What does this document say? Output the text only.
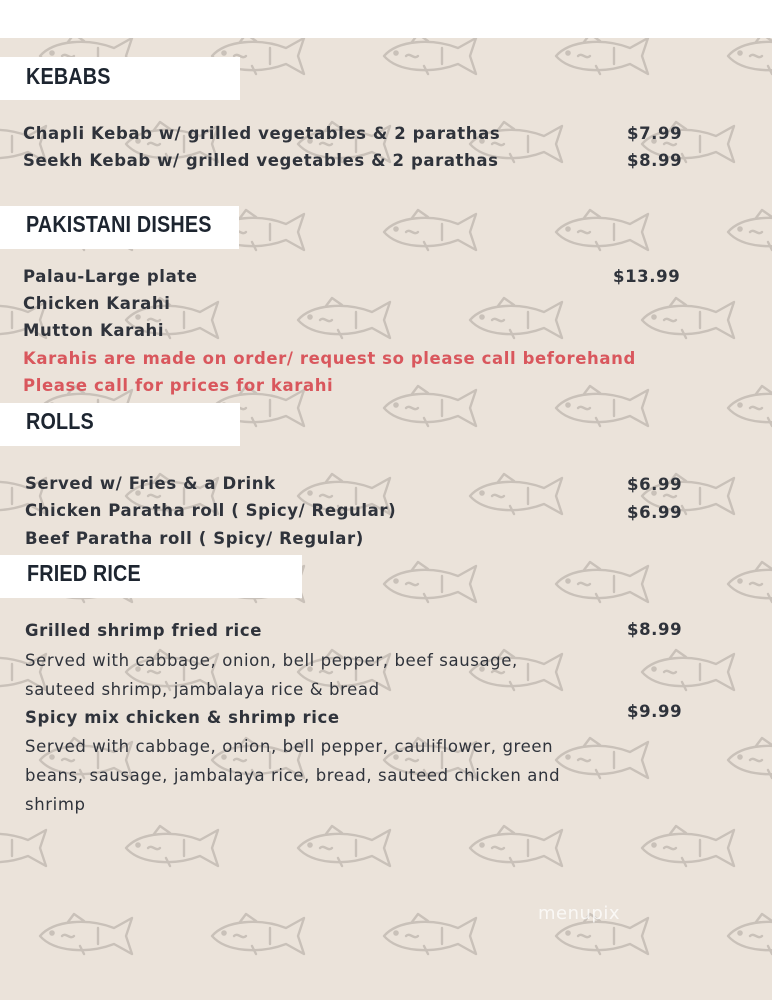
KEBABS
Chapli Kebab w/ grilled vegetables & 2 parathas	$7.99
Seekh Kebab w/ grilled vegetables & 2 parathas	$8.99
PAKISTANI DISHES
Palau-Large plate	$13.99
Chicken Karahi
Mutton Karahi
Karahis are made on order/ request so please call beforehand
Please call for prices for karahi
ROLLS
Served w/ Fries & a Drink	$6.99
Chicken Paratha roll ( Spicy/ Regular)	$6.99
Beef Paratha roll ( Spicy/ Regular)
FRIED RICE
Grilled shrimp fried rice	$8.99
Served with cabbage, onion, bell pepper, beef sausage,
sauteed shrimp, jambalaya rice & bread
Spicy mix chicken & shrimp rice	$9.99
Served with cabbage, onion, bell pepper, cauliflower, green
beans, sausage, jambalaya rice, bread, sauteed chicken and
shrimp
menupix
